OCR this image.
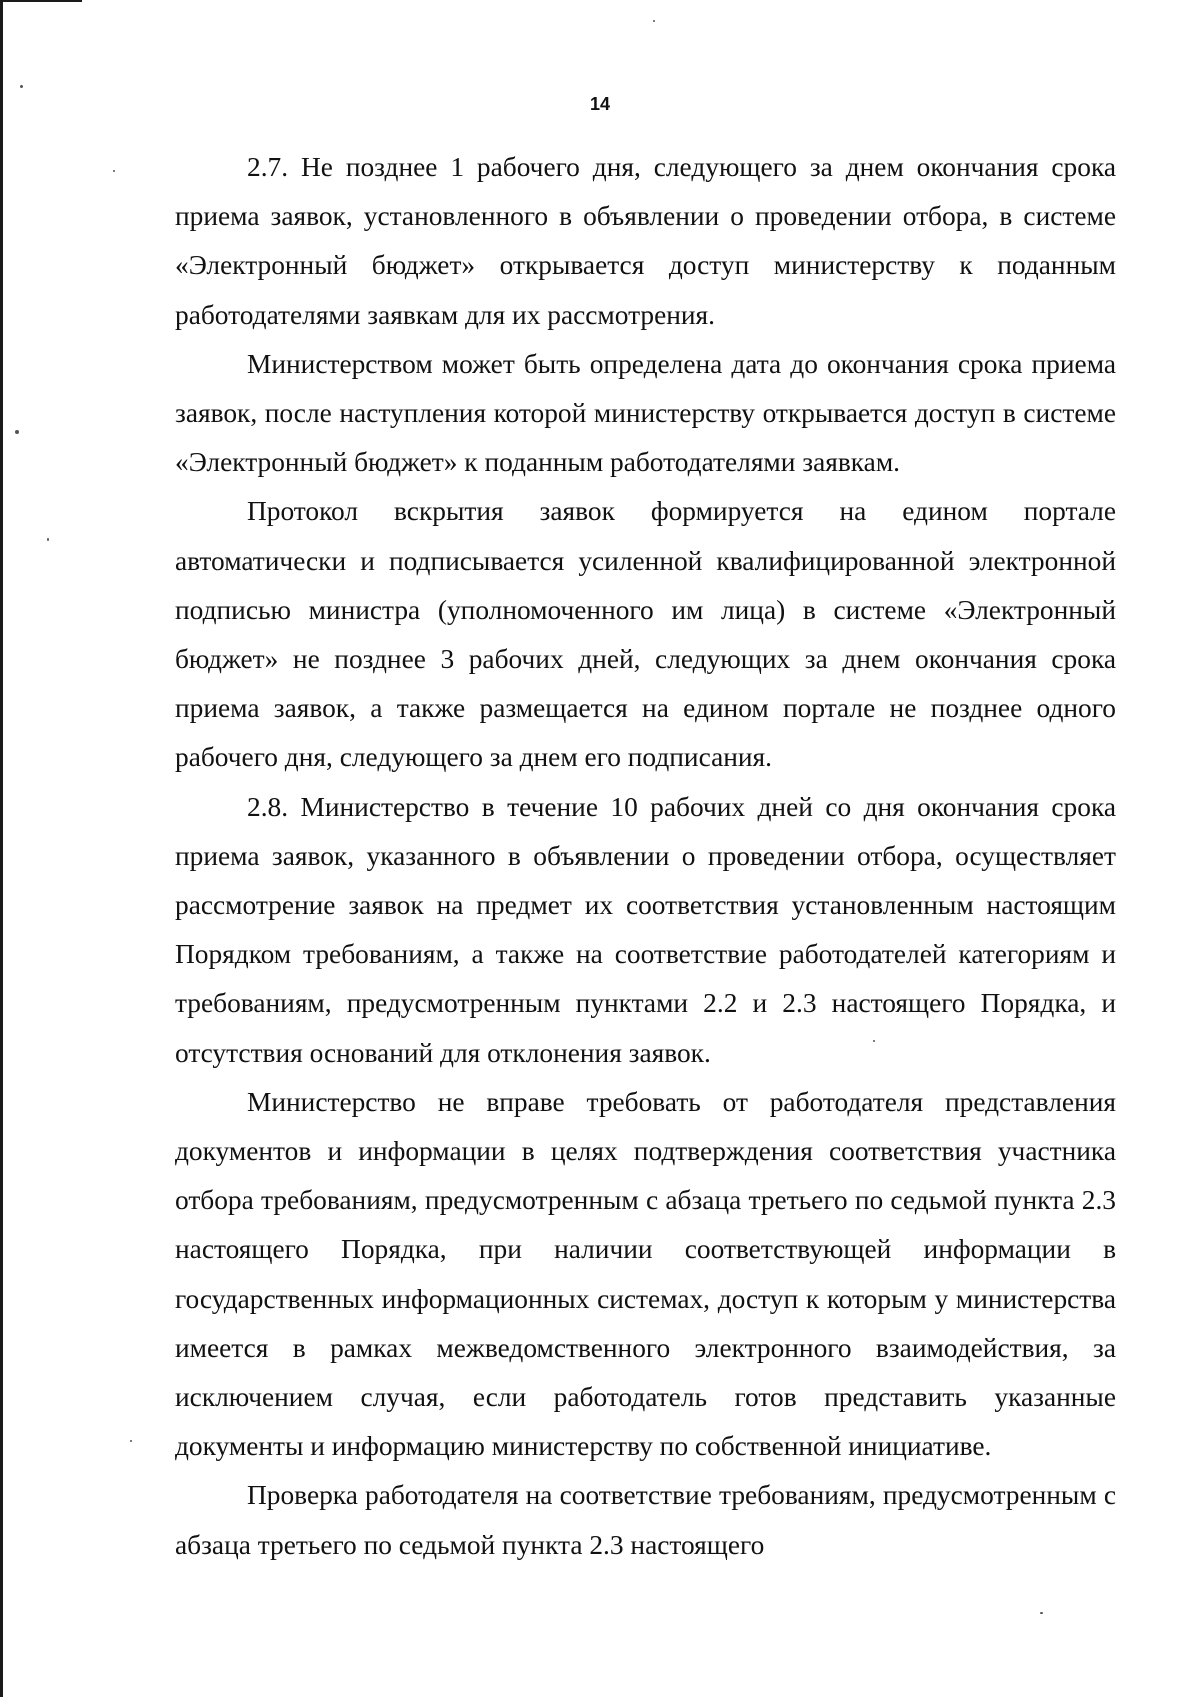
14

2.7. Не позднее 1 рабочего дня, следующего за днем окончания срока приема заявок, установленного в объявлении о проведении отбора, в системе «Электронный бюджет» открывается доступ министерству к поданным работодателями заявкам для их рассмотрения.

Министерством может быть определена дата до окончания срока приема заявок, после наступления которой министерству открывается доступ в системе «Электронный бюджет» к поданным работодателями заявкам.

Протокол вскрытия заявок формируется на едином портале автоматически и подписывается усиленной квалифицированной электронной подписью министра (уполномоченного им лица) в системе «Электронный бюджет» не позднее 3 рабочих дней, следующих за днем окончания срока приема заявок, а также размещается на едином портале не позднее одного рабочего дня, следующего за днем его подписания.

2.8. Министерство в течение 10 рабочих дней со дня окончания срока приема заявок, указанного в объявлении о проведении отбора, осуществляет рассмотрение заявок на предмет их соответствия установленным настоящим Порядком требованиям, а также на соответствие работодателей категориям и требованиям, предусмотренным пунктами 2.2 и 2.3 настоящего Порядка, и отсутствия оснований для отклонения заявок.

Министерство не вправе требовать от работодателя представления документов и информации в целях подтверждения соответствия участника отбора требованиям, предусмотренным с абзаца третьего по седьмой пункта 2.3 настоящего Порядка, при наличии соответствующей информации в государственных информационных системах, доступ к которым у министерства имеется в рамках межведомственного электронного взаимодействия, за исключением случая, если работодатель готов представить указанные документы и информацию министерству по собственной инициативе.

Проверка работодателя на соответствие требованиям, предусмотренным с абзаца третьего по седьмой пункта 2.3 настоящего
